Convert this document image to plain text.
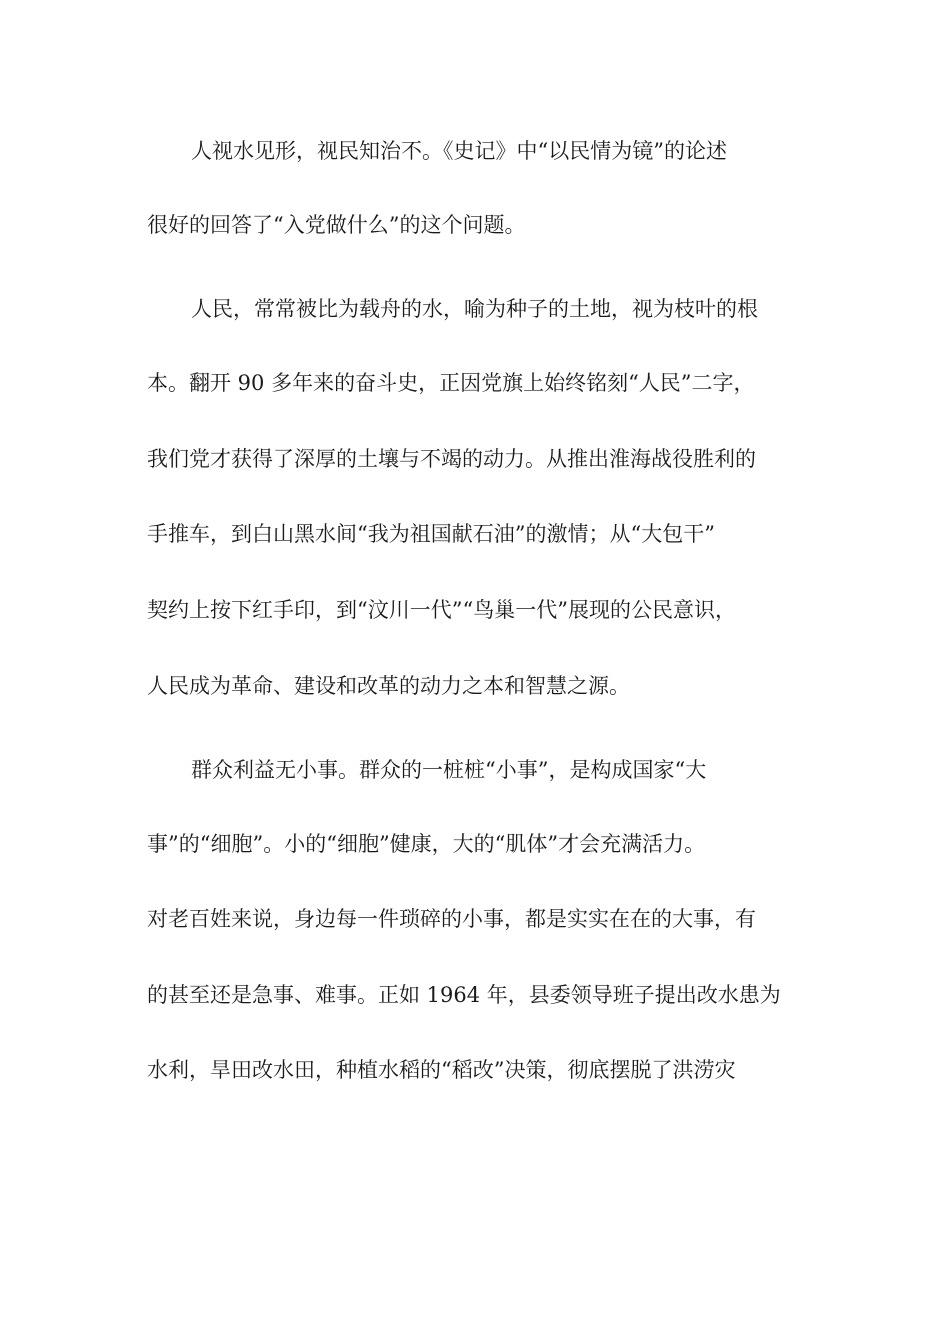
人视水见形，视民知治不。《史记》中“以民情为镜”的论述
很好的回答了“入党做什么”的这个问题。
人民，常常被比为载舟的水，喻为种子的土地，视为枝叶的根
本。翻开 90 多年来的奋斗史，正因党旗上始终铭刻“人民”二字，
我们党才获得了深厚的土壤与不竭的动力。从推出淮海战役胜利的
手推车，到白山黑水间“我为祖国献石油”的激情；从“大包干”
契约上按下红手印，到“汶川一代”“鸟巢一代”展现的公民意识，
人民成为革命、建设和改革的动力之本和智慧之源。
群众利益无小事。群众的一桩桩“小事”，是构成国家“大
事”的“细胞”。小的“细胞”健康，大的“肌体”才会充满活力。
对老百姓来说，身边每一件琐碎的小事，都是实实在在的大事，有
的甚至还是急事、难事。正如 1964 年，县委领导班子提出改水患为
水利，旱田改水田，种植水稻的“稻改”决策，彻底摆脱了洪涝灾
